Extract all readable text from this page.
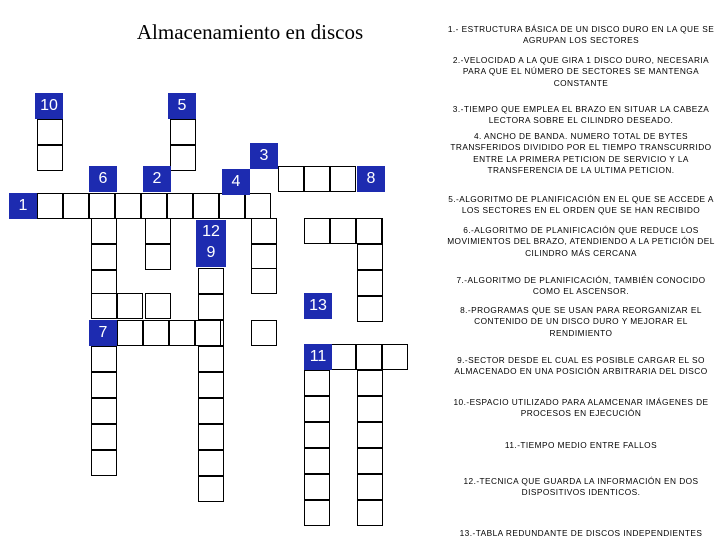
Almacenamiento en discos
10	5
3
6	2	4	8
1
12
9
13
7
11
1.- ESTRUCTURA BÁSICA DE UN DISCO DURO EN LA QUE SE AGRUPAN LOS SECTORES
2.-VELOCIDAD A LA QUE GIRA 1 DISCO DURO, NECESARIA PARA QUE EL NÚMERO DE SECTORES SE MANTENGA CONSTANTE
3.-TIEMPO QUE EMPLEA EL BRAZO EN SITUAR LA CABEZA LECTORA SOBRE EL CILINDRO DESEADO.
4. ANCHO DE BANDA. NUMERO TOTAL DE BYTES TRANSFERIDOS DIVIDIDO POR EL TIEMPO TRANSCURRIDO ENTRE LA PRIMERA PETICION DE SERVICIO Y LA TRANSFERENCIA DE LA ULTIMA PETICION.
5.-ALGORITMO DE PLANIFICACIÓN EN EL QUE SE ACCEDE A LOS SECTORES EN EL ORDEN QUE SE HAN RECIBIDO
6.-ALGORITMO DE PLANIFICACIÓN QUE REDUCE LOS MOVIMIENTOS DEL BRAZO, ATENDIENDO A LA PETICIÓN DEL CILINDRO MÁS CERCANA
7.-ALGORITMO DE PLANIFICACIÓN, TAMBIÉN CONOCIDO COMO EL ASCENSOR.
8.-PROGRAMAS QUE SE USAN PARA REORGANIZAR EL CONTENIDO DE UN DISCO DURO Y MEJORAR EL RENDIMIENTO
9.-SECTOR DESDE EL CUAL ES POSIBLE CARGAR EL SO ALMACENADO EN UNA POSICIÓN ARBITRARIA DEL DISCO
10.-ESPACIO UTILIZADO PARA ALAMCENAR IMÁGENES DE PROCESOS EN EJECUCIÓN
11.-TIEMPO MEDIO ENTRE FALLOS
12.-TECNICA QUE GUARDA LA INFORMACIÓN EN DOS DISPOSITIVOS IDENTICOS.
13.-TABLA REDUNDANTE DE DISCOS INDEPENDIENTES
